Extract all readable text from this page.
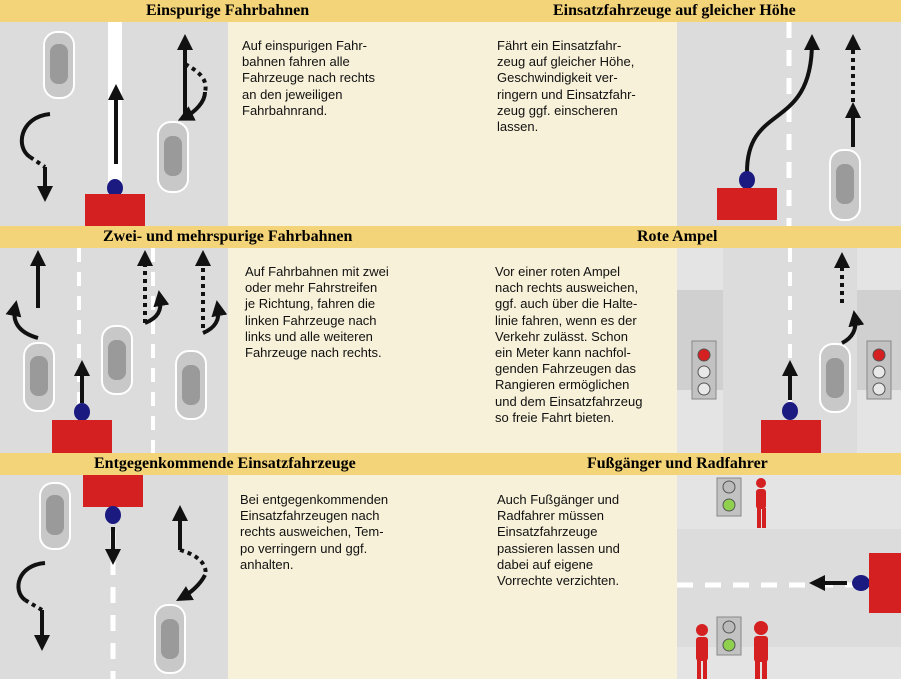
Einspurige Fahrbahnen	Einsatzfahrzeuge auf gleicher Höhe
Zwei- und mehrspurige Fahrbahnen	Rote Ampel
Entgegenkommende Einsatzfahrzeuge	Fußgänger und Radfahrer
Auf einspurigen Fahr-
bahnen fahren alle
Fahrzeuge nach rechts
an den jeweiligen
Fahrbahnrand.
Fährt ein Einsatzfahr-
zeug auf gleicher Höhe,
Geschwindigkeit ver-
ringern und Einsatzfahr-
zeug ggf. einscheren
lassen.
Auf Fahrbahnen mit zwei
oder mehr Fahrstreifen
je Richtung, fahren die
linken Fahrzeuge nach
links und alle weiteren
Fahrzeuge nach rechts.
Vor einer roten Ampel
nach rechts ausweichen,
ggf. auch über die Halte-
linie fahren, wenn es der
Verkehr zulässt. Schon
ein Meter kann nachfol-
genden Fahrzeugen das
Rangieren ermöglichen
und dem Einsatzfahrzeug
so freie Fahrt bieten.
Bei entgegenkommenden
Einsatzfahrzeugen nach
rechts ausweichen, Tem-
po verringern und ggf.
anhalten.
Auch Fußgänger und
Radfahrer müssen
Einsatzfahrzeuge
passieren lassen und
dabei auf eigene
Vorrechte verzichten.
